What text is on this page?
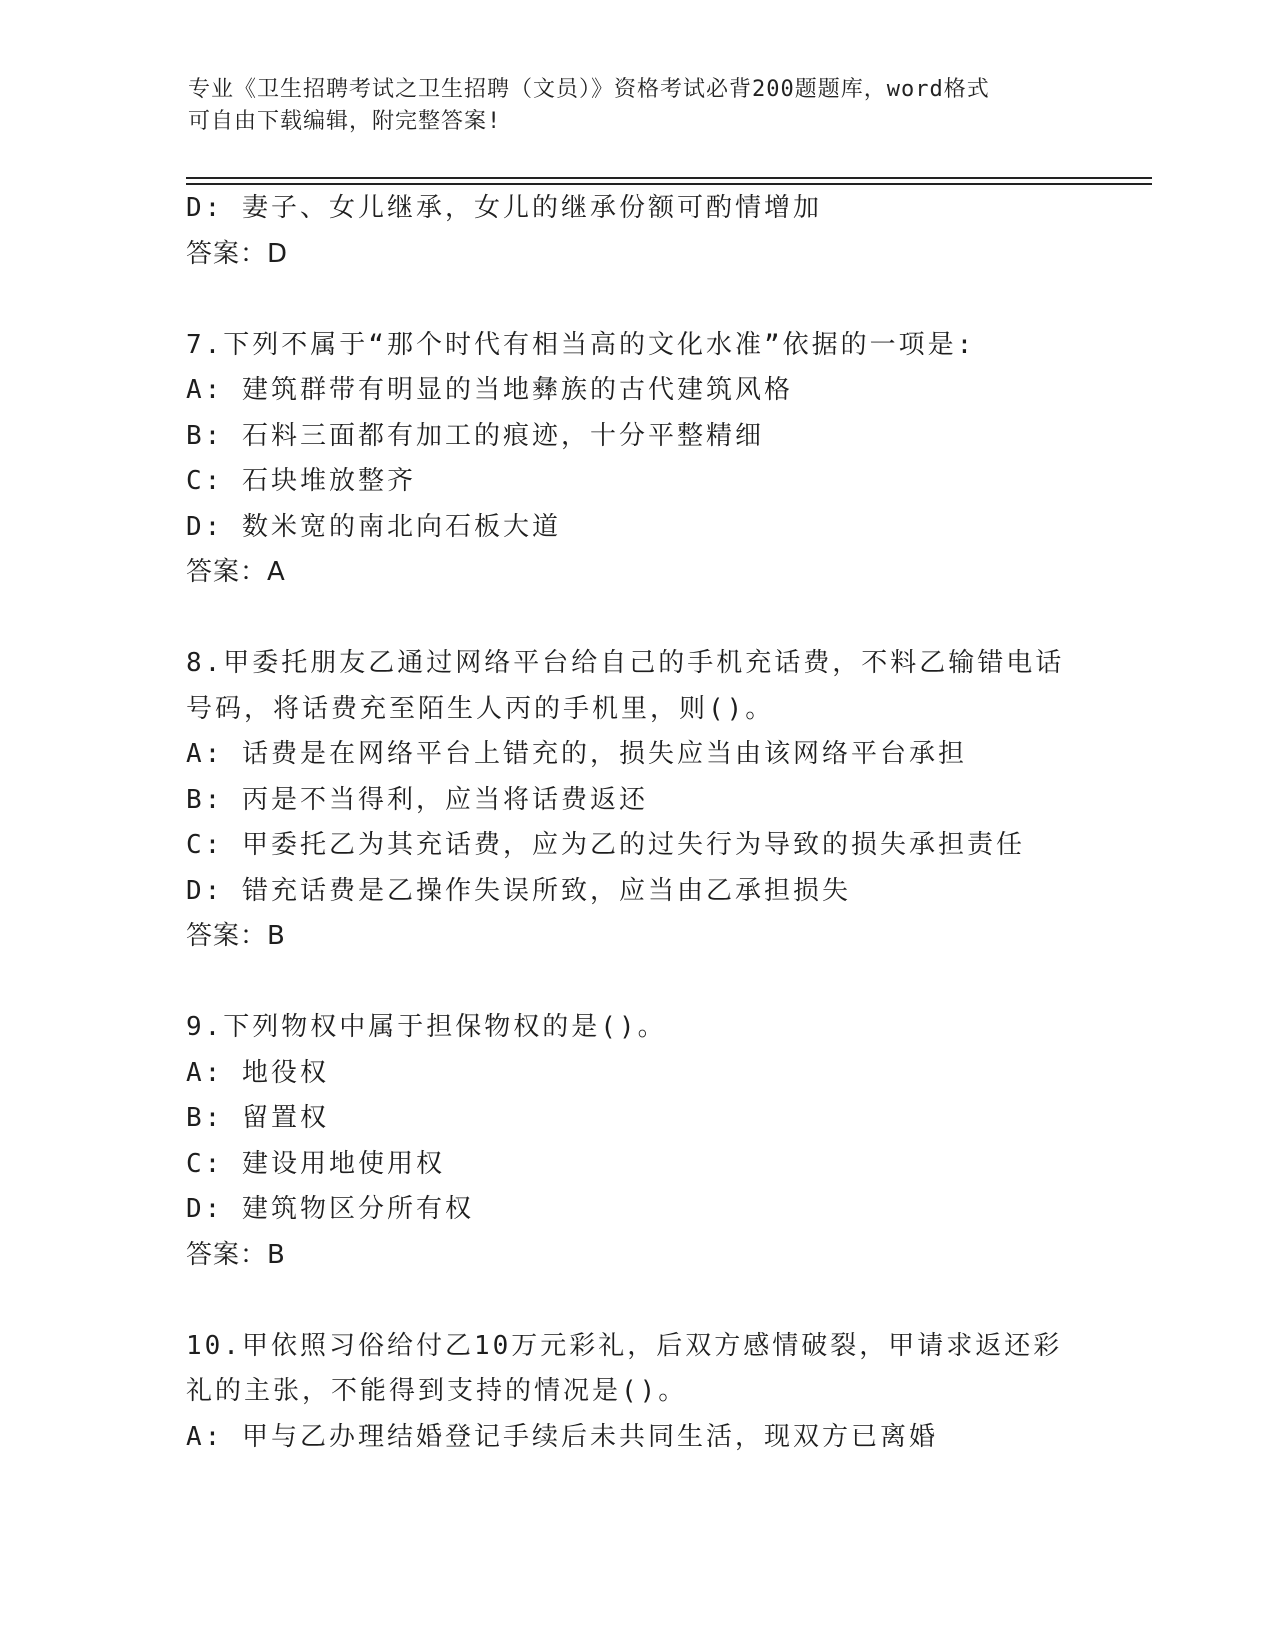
专业《卫生招聘考试之卫生招聘（文员）》资格考试必背200题题库，word格式
可自由下载编辑，附完整答案!
D: 妻子、女儿继承，女儿的继承份额可酌情增加
答案：D
7.下列不属于“那个时代有相当高的文化水准”依据的一项是:
A: 建筑群带有明显的当地彝族的古代建筑风格
B: 石料三面都有加工的痕迹，十分平整精细
C: 石块堆放整齐
D: 数米宽的南北向石板大道
答案：A
8.甲委托朋友乙通过网络平台给自己的手机充话费，不料乙输错电话
号码，将话费充至陌生人丙的手机里，则()。
A: 话费是在网络平台上错充的，损失应当由该网络平台承担
B: 丙是不当得利，应当将话费返还
C: 甲委托乙为其充话费，应为乙的过失行为导致的损失承担责任
D: 错充话费是乙操作失误所致，应当由乙承担损失
答案：B
9.下列物权中属于担保物权的是()。
A: 地役权
B: 留置权
C: 建设用地使用权
D: 建筑物区分所有权
答案：B
10.甲依照习俗给付乙10万元彩礼，后双方感情破裂，甲请求返还彩
礼的主张，不能得到支持的情况是()。
A: 甲与乙办理结婚登记手续后未共同生活，现双方已离婚
